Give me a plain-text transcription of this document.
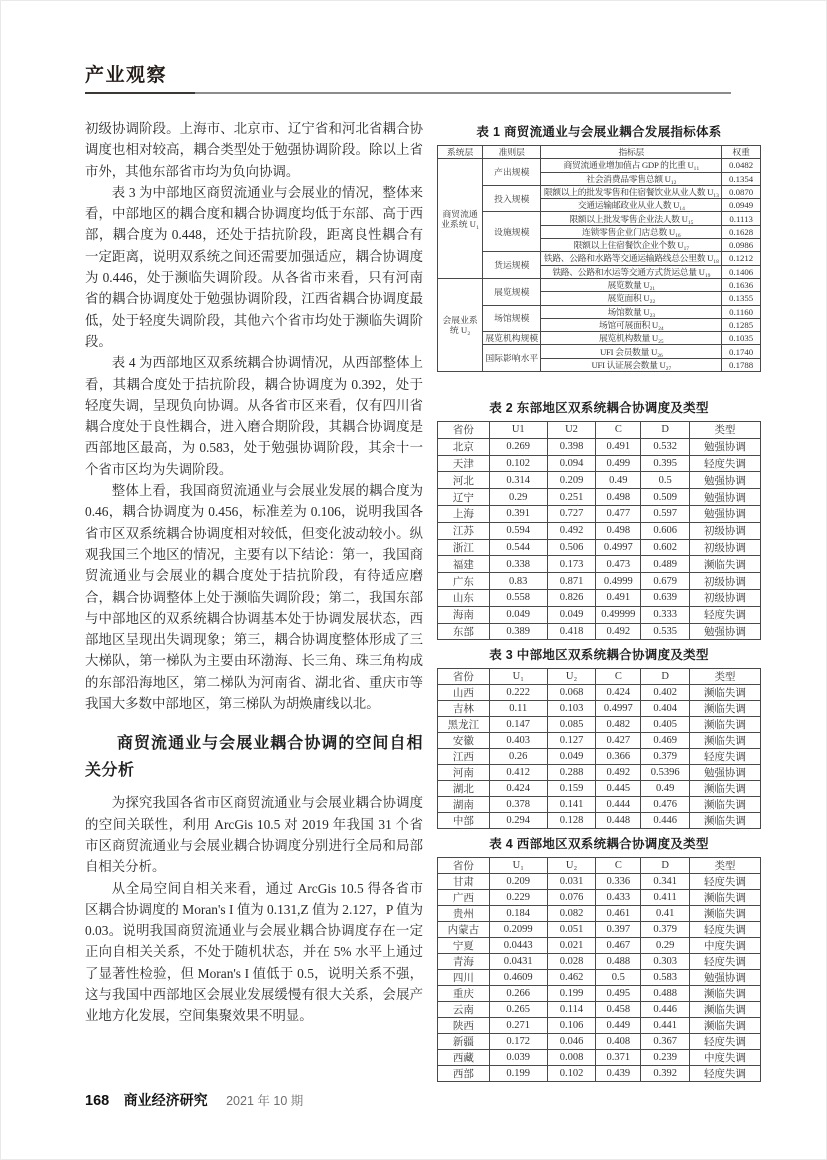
产业观察

初级协调阶段。上海市、北京市、辽宁省和河北省耦合协调度也相对较高，耦合类型处于勉强协调阶段。除以上省市外，其他东部省市均为负向协调。

表 3 为中部地区商贸流通业与会展业的情况，整体来看，中部地区的耦合度和耦合协调度均低于东部、高于西部，耦合度为 0.448，还处于拮抗阶段，距离良性耦合有一定距离，说明双系统之间还需要加强适应，耦合协调度为 0.446，处于濒临失调阶段。从各省市来看，只有河南省的耦合协调度处于勉强协调阶段，江西省耦合协调度最低，处于轻度失调阶段，其他六个省市均处于濒临失调阶段。

表 4 为西部地区双系统耦合协调情况，从西部整体上看，其耦合度处于拮抗阶段，耦合协调度为 0.392，处于轻度失调，呈现负向协调。从各省市区来看，仅有四川省耦合度处于良性耦合，进入磨合期阶段，其耦合协调度是西部地区最高，为 0.583，处于勉强协调阶段，其余十一个省市区均为失调阶段。

整体上看，我国商贸流通业与会展业发展的耦合度为 0.46，耦合协调度为 0.456，标准差为 0.106，说明我国各省市区双系统耦合协调度相对较低，但变化波动较小。纵观我国三个地区的情况，主要有以下结论：第一，我国商贸流通业与会展业的耦合度处于拮抗阶段，有待适应磨合，耦合协调整体上处于濒临失调阶段；第二，我国东部与中部地区的双系统耦合协调基本处于协调发展状态，西部地区呈现出失调现象；第三，耦合协调度整体形成了三大梯队，第一梯队为主要由环渤海、长三角、珠三角构成的东部沿海地区，第二梯队为河南省、湖北省、重庆市等我国大多数中部地区，第三梯队为胡焕庸线以北。

商贸流通业与会展业耦合协调的空间自相关分析

为探究我国各省市区商贸流通业与会展业耦合协调度的空间关联性，利用 ArcGis 10.5 对 2019 年我国 31 个省市区商贸流通业与会展业耦合协调度分别进行全局和局部自相关分析。

从全局空间自相关来看，通过 ArcGis 10.5 得各省市区耦合协调度的 Moran's I 值为 0.131,Z 值为 2.127，P 值为 0.03。说明我国商贸流通业与会展业耦合协调度存在一定正向自相关关系，不处于随机状态，并在 5% 水平上通过了显著性检验，但 Moran's I 值低于 0.5，说明关系不强，这与我国中西部地区会展业发展缓慢有很大关系，会展产业地方化发展，空间集聚效果不明显。

表 1 商贸流通业与会展业耦合发展指标体系
系统层	准则层	指标层	权重
商贸流通业系统 U₁	产出规模	商贸流通业增加值占 GDP 的比重 U₁₁	0.0482
		社会消费品零售总额 U₁₂	0.1354
	投入规模	限额以上的批发零售和住宿餐饮业从业人数 U₁₃	0.0870
		交通运输邮政业从业人数 U₁₄	0.0949
	设施规模	限额以上批发零售企业法人数 U₁₅	0.1113
		连锁零售企业门店总数 U₁₆	0.1628
		限额以上住宿餐饮企业个数 U₁₇	0.0986
	货运规模	铁路、公路和水路等交通运输路线总公里数 U₁₈	0.1212
		铁路、公路和水运等交通方式货运总量 U₁₉	0.1406
会展业系统 U₂	展览规模	展览数量 U₂₁	0.1636
		展览面积 U₂₂	0.1355
	场馆规模	场馆数量 U₂₃	0.1160
		场馆可展面积 U₂₄	0.1285
	展览机构规模	展览机构数量 U₂₅	0.1035
	国际影响水平	UFI 会员数量 U₂₆	0.1740
		UFI 认证展会数量 U₂₇	0.1788
表 2 东部地区双系统耦合协调度及类型
省份	U1	U2	C	D	类型
北京	0.269	0.398	0.491	0.532	勉强协调
天津	0.102	0.094	0.499	0.395	轻度失调
河北	0.314	0.209	0.49	0.5	勉强协调
辽宁	0.29	0.251	0.498	0.509	勉强协调
上海	0.391	0.727	0.477	0.597	勉强协调
江苏	0.594	0.492	0.498	0.606	初级协调
浙江	0.544	0.506	0.4997	0.602	初级协调
福建	0.338	0.173	0.473	0.489	濒临失调
广东	0.83	0.871	0.4999	0.679	初级协调
山东	0.558	0.826	0.491	0.639	初级协调
海南	0.049	0.049	0.49999	0.333	轻度失调
东部	0.389	0.418	0.492	0.535	勉强协调
表 3 中部地区双系统耦合协调度及类型
省份	U₁	U₂	C	D	类型
山西	0.222	0.068	0.424	0.402	濒临失调
吉林	0.11	0.103	0.4997	0.404	濒临失调
黑龙江	0.147	0.085	0.482	0.405	濒临失调
安徽	0.403	0.127	0.427	0.469	濒临失调
江西	0.26	0.049	0.366	0.379	轻度失调
河南	0.412	0.288	0.492	0.5396	勉强协调
湖北	0.424	0.159	0.445	0.49	濒临失调
湖南	0.378	0.141	0.444	0.476	濒临失调
中部	0.294	0.128	0.448	0.446	濒临失调
表 4 西部地区双系统耦合协调度及类型
省份	U₁	U₂	C	D	类型
甘肃	0.209	0.031	0.336	0.341	轻度失调
广西	0.229	0.076	0.433	0.411	濒临失调
贵州	0.184	0.082	0.461	0.41	濒临失调
内蒙古	0.2099	0.051	0.397	0.379	轻度失调
宁夏	0.0443	0.021	0.467	0.29	中度失调
青海	0.0431	0.028	0.488	0.303	轻度失调
四川	0.4609	0.462	0.5	0.583	勉强协调
重庆	0.266	0.199	0.495	0.488	濒临失调
云南	0.265	0.114	0.458	0.446	濒临失调
陕西	0.271	0.106	0.449	0.441	濒临失调
新疆	0.172	0.046	0.408	0.367	轻度失调
西藏	0.039	0.008	0.371	0.239	中度失调
西部	0.199	0.102	0.439	0.392	轻度失调
168 商业经济研究 2021 年 10 期
